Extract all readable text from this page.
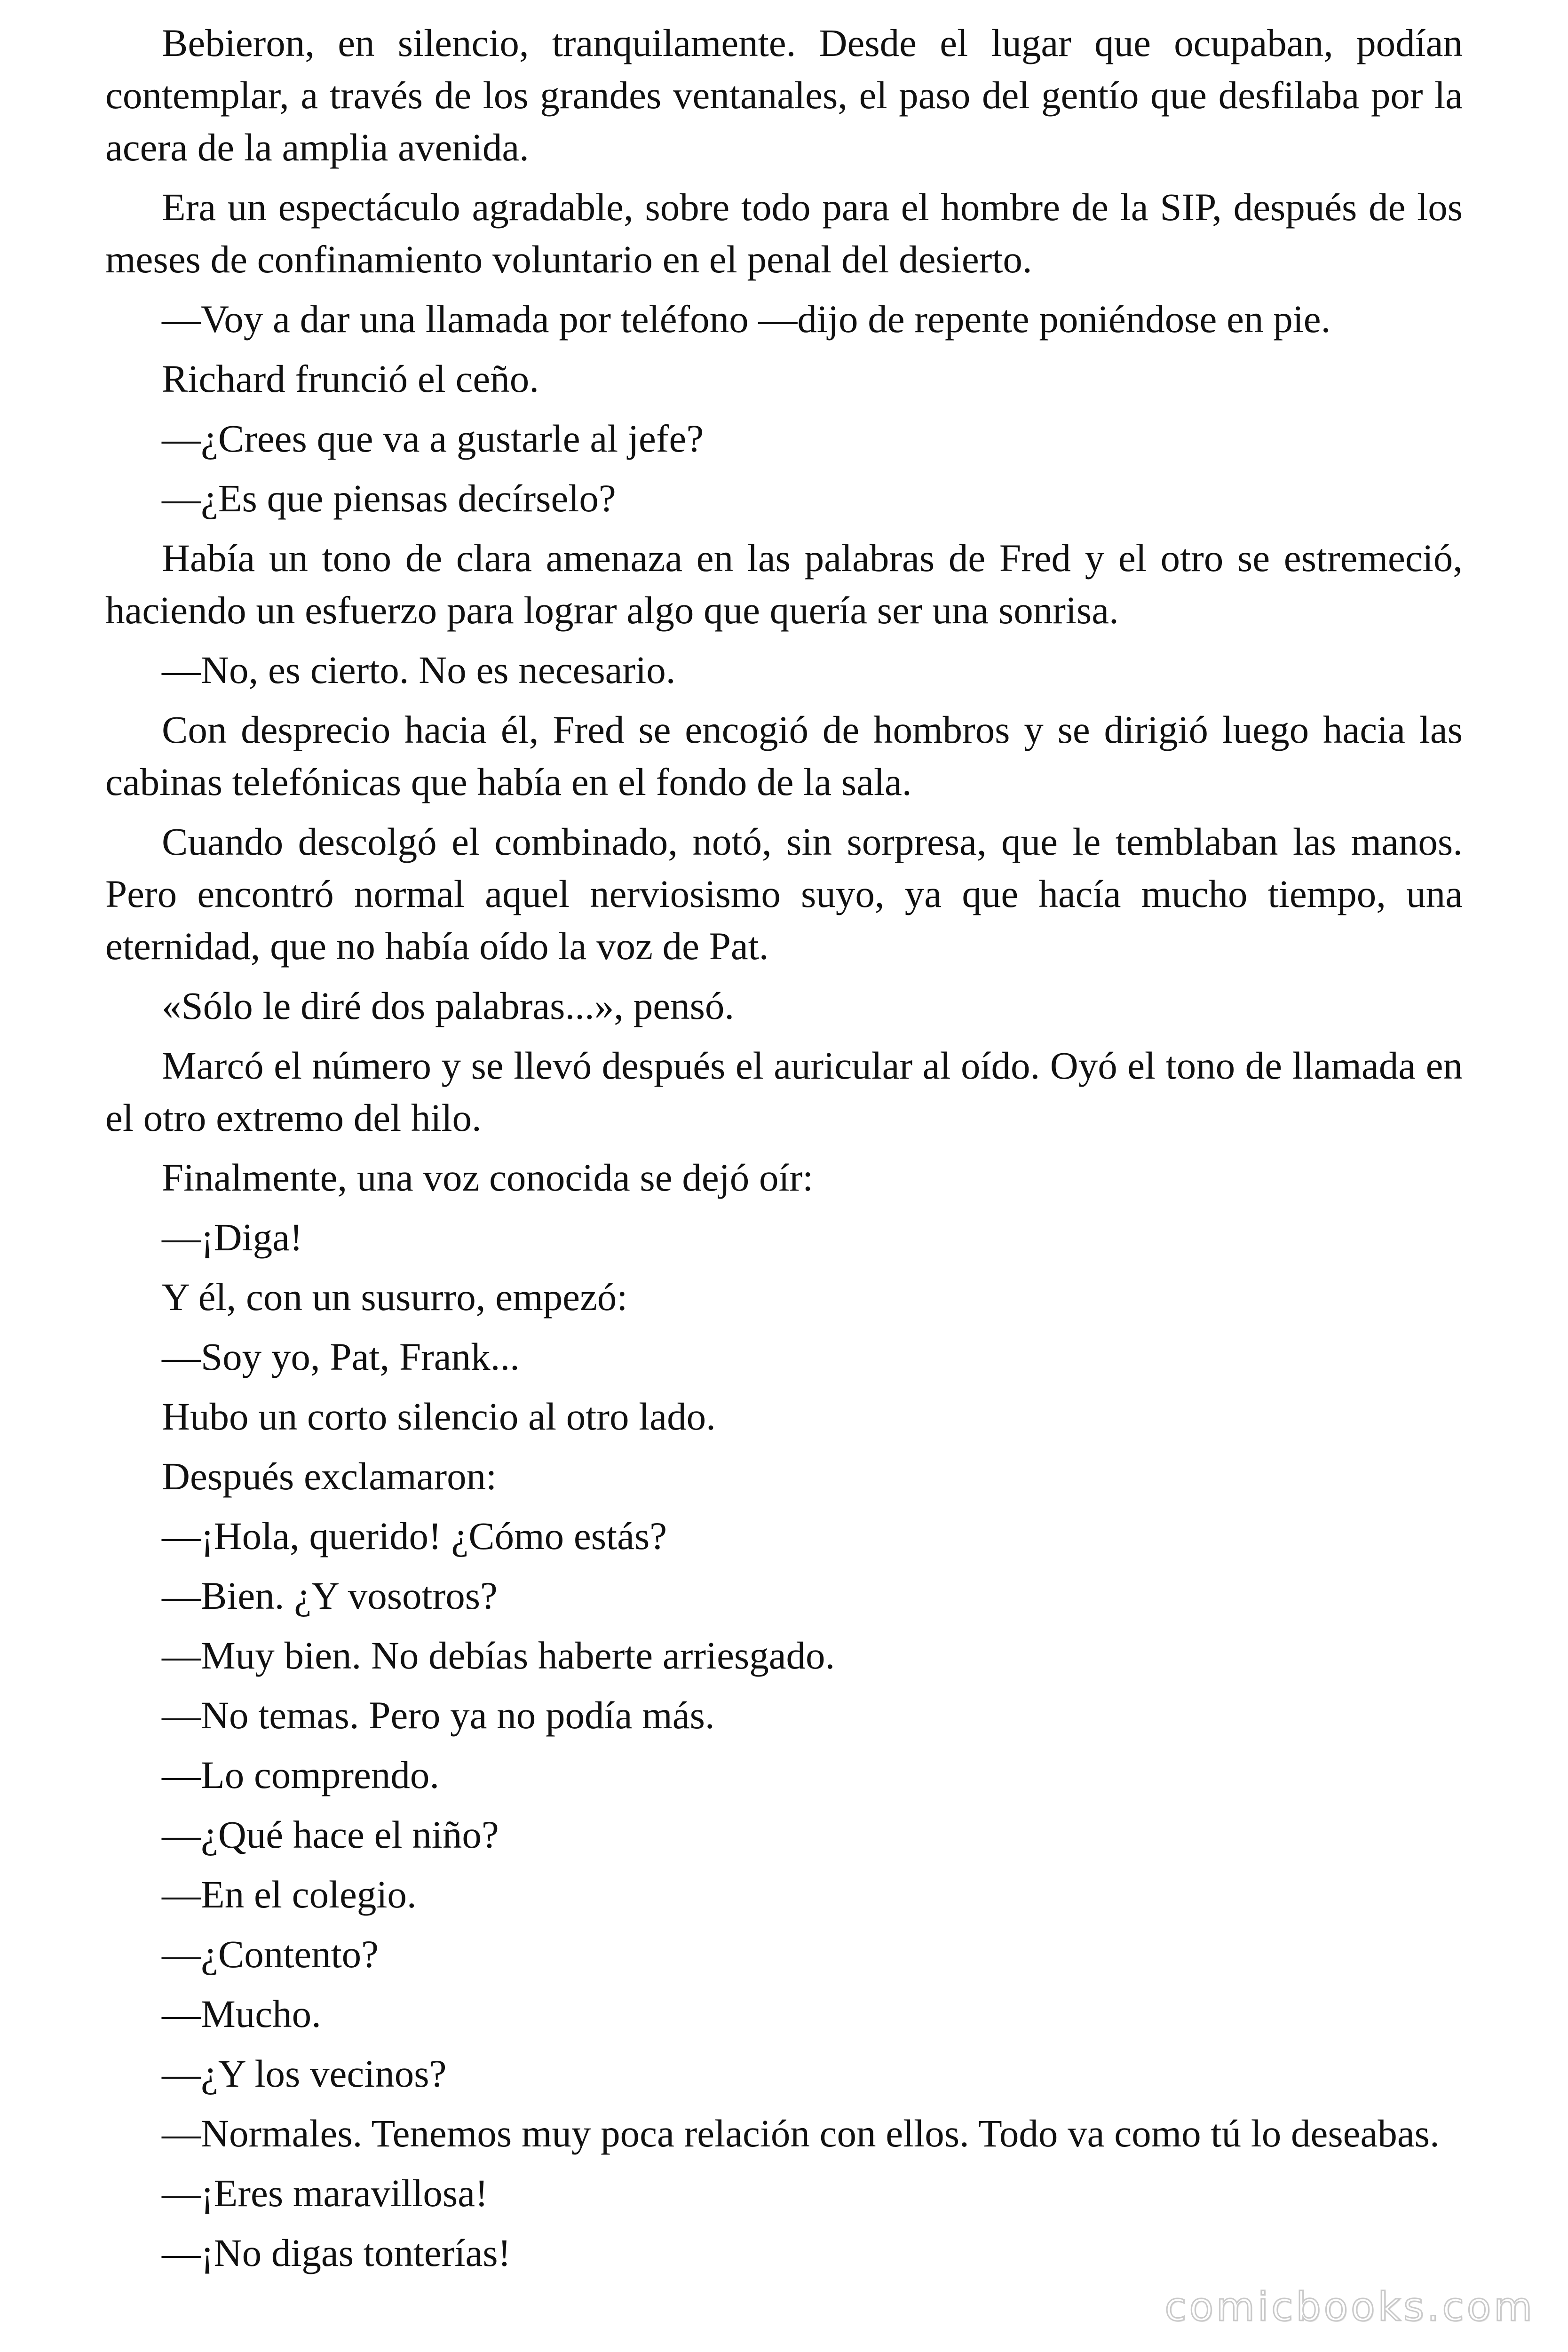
Bebieron, en silencio, tranquilamente. Desde el lugar que ocupaban, podían contemplar, a través de los grandes ventanales, el paso del gentío que desfilaba por la acera de la amplia avenida.

Era un espectáculo agradable, sobre todo para el hombre de la SIP, después de los meses de confinamiento voluntario en el penal del desierto.

—Voy a dar una llamada por teléfono —dijo de repente poniéndose en pie.

Richard frunció el ceño.

—¿Crees que va a gustarle al jefe?

—¿Es que piensas decírselo?

Había un tono de clara amenaza en las palabras de Fred y el otro se estremeció, haciendo un esfuerzo para lograr algo que quería ser una sonrisa.

—No, es cierto. No es necesario.

Con desprecio hacia él, Fred se encogió de hombros y se dirigió luego hacia las cabinas telefónicas que había en el fondo de la sala.

Cuando descolgó el combinado, notó, sin sorpresa, que le temblaban las manos. Pero encontró normal aquel nerviosismo suyo, ya que hacía mucho tiempo, una eternidad, que no había oído la voz de Pat.

«Sólo le diré dos palabras...», pensó.

Marcó el número y se llevó después el auricular al oído. Oyó el tono de llamada en el otro extremo del hilo.

Finalmente, una voz conocida se dejó oír:

—¡Diga!

Y él, con un susurro, empezó:

—Soy yo, Pat, Frank...

Hubo un corto silencio al otro lado.

Después exclamaron:

—¡Hola, querido! ¿Cómo estás?

—Bien. ¿Y vosotros?

—Muy bien. No debías haberte arriesgado.

—No temas. Pero ya no podía más.

—Lo comprendo.

—¿Qué hace el niño?

—En el colegio.

—¿Contento?

—Mucho.

—¿Y los vecinos?

—Normales. Tenemos muy poca relación con ellos. Todo va como tú lo deseabas.

—¡Eres maravillosa!

—¡No digas tonterías!

comicbooks.com
